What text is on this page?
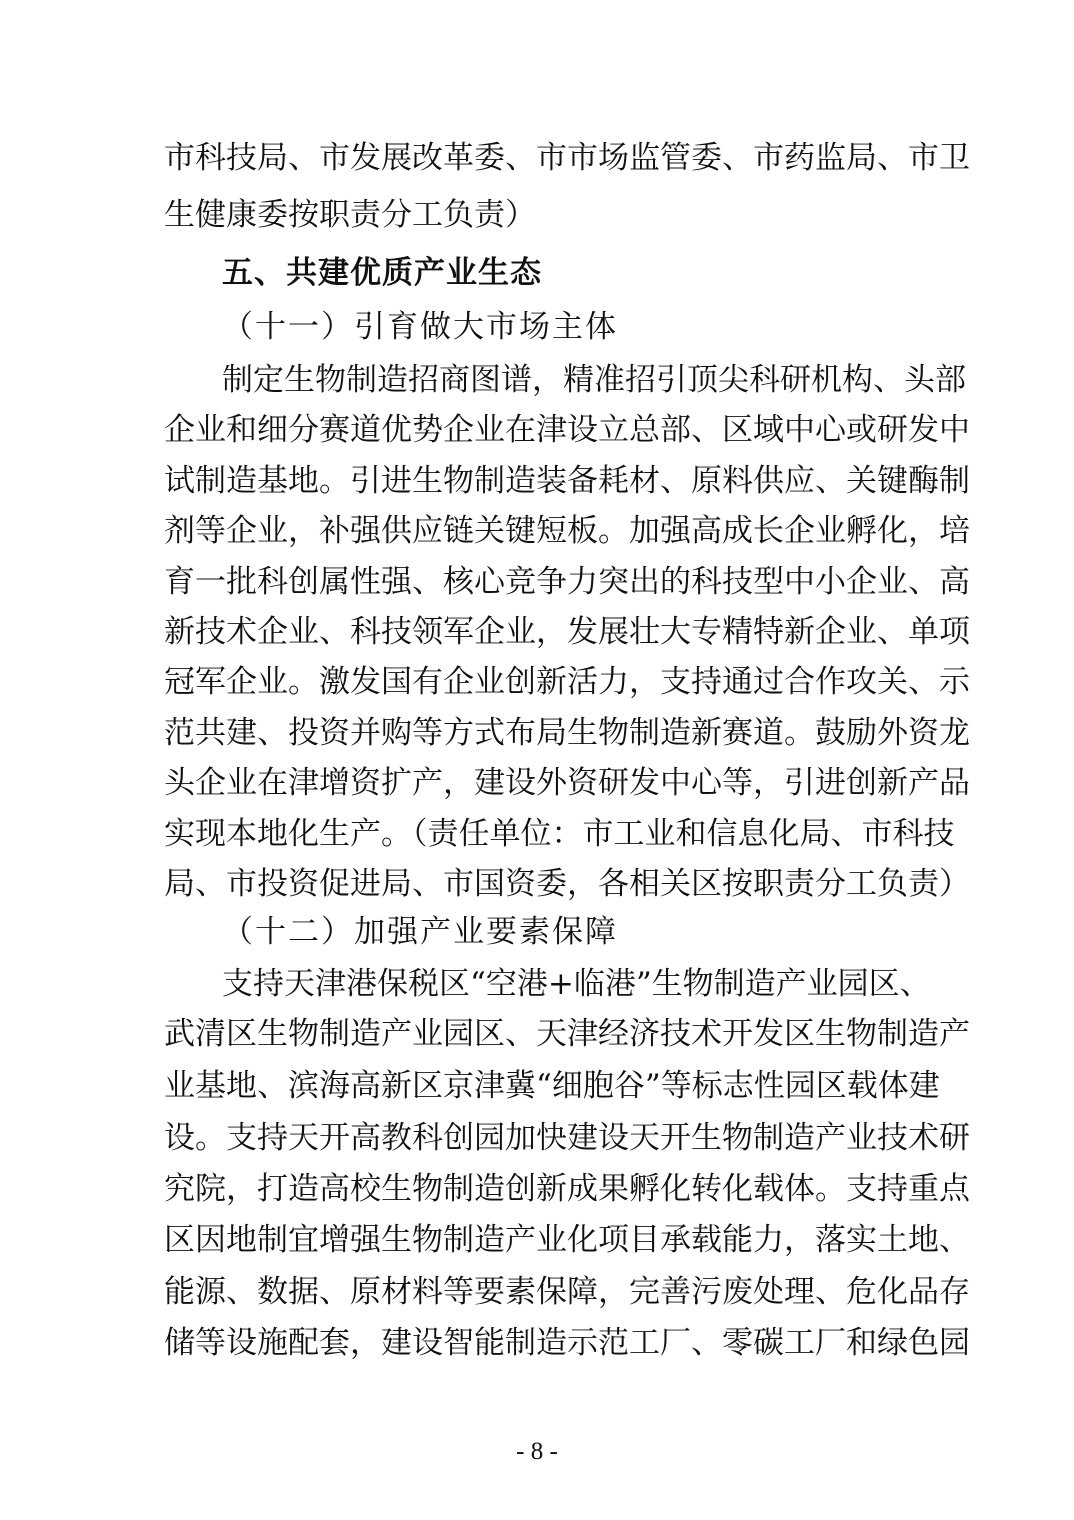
市科技局、市发展改革委、市市场监管委、市药监局、市卫
生健康委按职责分工负责）
五、共建优质产业生态
（十一）引育做大市场主体
制定生物制造招商图谱，精准招引顶尖科研机构、头部
企业和细分赛道优势企业在津设立总部、区域中心或研发中
试制造基地。引进生物制造装备耗材、原料供应、关键酶制
剂等企业，补强供应链关键短板。加强高成长企业孵化，培
育一批科创属性强、核心竞争力突出的科技型中小企业、高
新技术企业、科技领军企业，发展壮大专精特新企业、单项
冠军企业。激发国有企业创新活力，支持通过合作攻关、示
范共建、投资并购等方式布局生物制造新赛道。鼓励外资龙
头企业在津增资扩产，建设外资研发中心等，引进创新产品
实现本地化生产。（责任单位：市工业和信息化局、市科技
局、市投资促进局、市国资委，各相关区按职责分工负责）
（十二）加强产业要素保障
支持天津港保税区“空港+临港”生物制造产业园区、
武清区生物制造产业园区、天津经济技术开发区生物制造产
业基地、滨海高新区京津冀“细胞谷”等标志性园区载体建
设。支持天开高教科创园加快建设天开生物制造产业技术研
究院，打造高校生物制造创新成果孵化转化载体。支持重点
区因地制宜增强生物制造产业化项目承载能力，落实土地、
能源、数据、原材料等要素保障，完善污废处理、危化品存
储等设施配套，建设智能制造示范工厂、零碳工厂和绿色园
- 8 -
